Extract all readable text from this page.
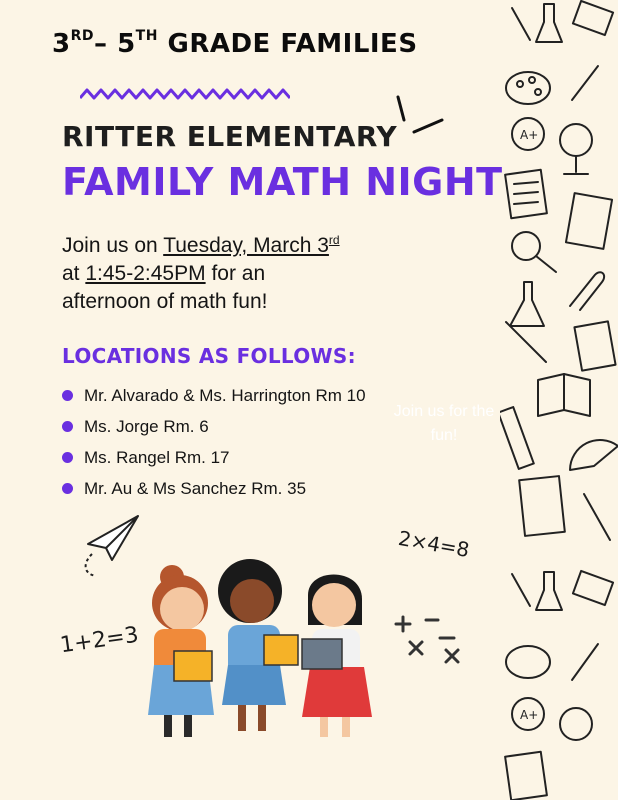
3RD– 5TH GRADE FAMILIES
RITTER ELEMENTARY
FAMILY MATH NIGHT
Join us on Tuesday, March 3rd
at 1:45-2:45PM for an
afternoon of math fun!
LOCATIONS AS FOLLOWS:
Mr. Alvarado & Ms. Harrington Rm 10
Ms. Jorge Rm. 6
Ms. Rangel Rm. 17
Mr. Au & Ms Sanchez Rm. 35
Join us for the fun!
1+2=3
2×4=8
A+
A+
